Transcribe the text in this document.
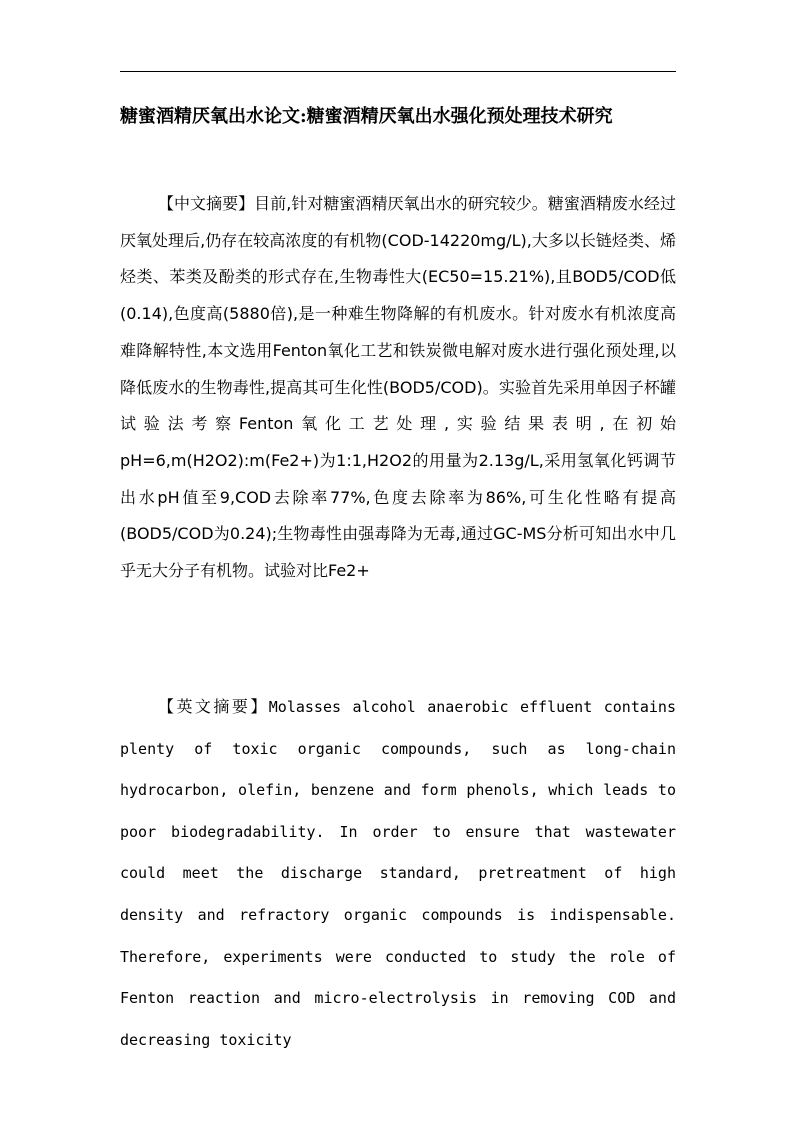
糖蜜酒精厌氧出水论文:糖蜜酒精厌氧出水强化预处理技术研究
【中文摘要】目前,针对糖蜜酒精厌氧出水的研究较少。糖蜜酒精废水经过厌氧处理后,仍存在较高浓度的有机物(COD-14220mg/L),大多以长链烃类、烯烃类、苯类及酚类的形式存在,生物毒性大(EC50=15.21%),且BOD5/COD低(0.14),色度高(5880倍),是一种难生物降解的有机废水。针对废水有机浓度高难降解特性,本文选用Fenton氧化工艺和铁炭微电解对废水进行强化预处理,以降低废水的生物毒性,提高其可生化性(BOD5/COD)。实验首先采用单因子杯罐试验法考察Fenton氧化工艺处理,实验结果表明,在初始pH=6,m(H2O2):m(Fe2+)为1:1,H2O2的用量为2.13g/L,采用氢氧化钙调节出水pH值至9,COD去除率77%,色度去除率为86%,可生化性略有提高(BOD5/COD为0.24);生物毒性由强毒降为无毒,通过GC-MS分析可知出水中几乎无大分子有机物。试验对比Fe2+
【英文摘要】Molasses alcohol anaerobic effluent contains plenty of toxic organic compounds, such as long-chain hydrocarbon, olefin, benzene and form phenols, which leads to poor biodegradability. In order to ensure that wastewater could meet the discharge standard, pretreatment of high density and refractory organic compounds is indispensable. Therefore, experiments were conducted to study the role of Fenton reaction and micro-electrolysis in removing COD and decreasing toxicity
